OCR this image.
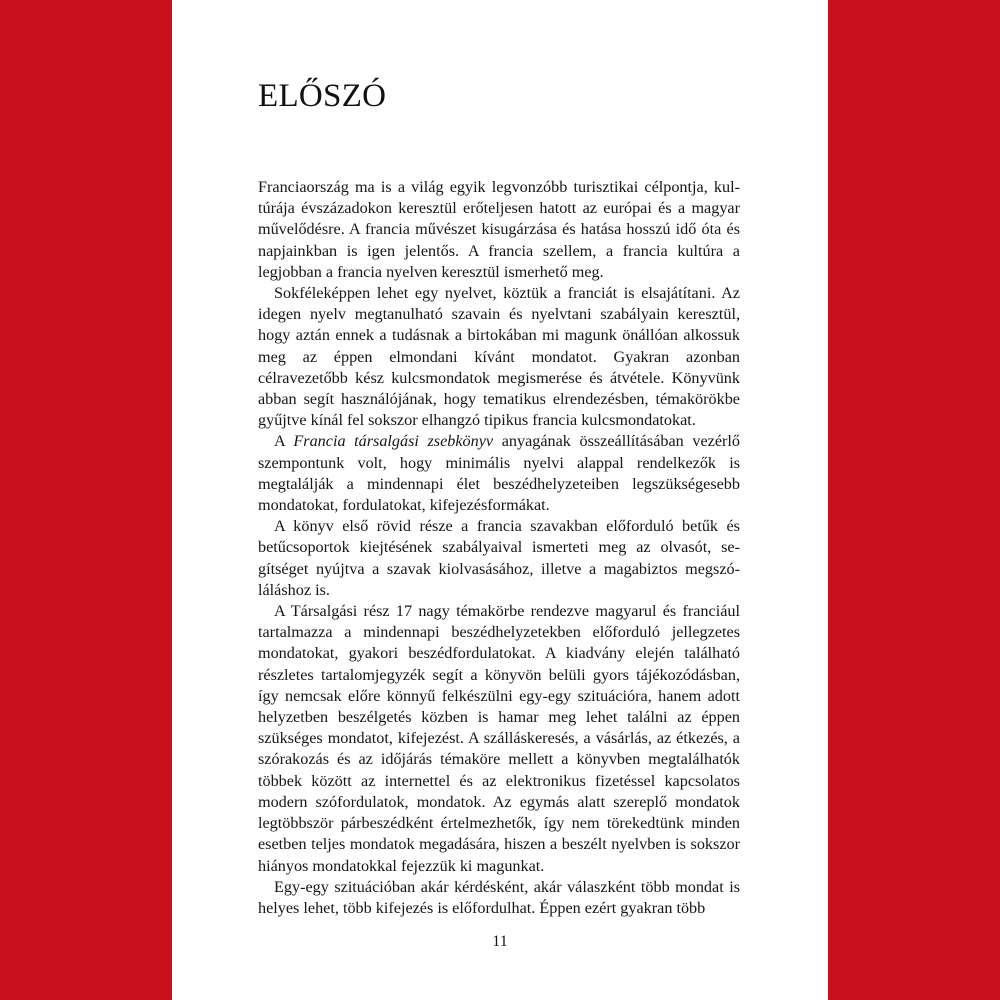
ELŐSZÓ

Franciaország ma is a világ egyik legvonzóbb turisztikai célpontja, kultúrája évszázadokon keresztül erőteljesen hatott az európai és a magyar művelődésre. A francia művészet kisugárzása és hatása hosszú idő óta és napjainkban is igen jelentős. A francia szellem, a francia kultúra a legjobban a francia nyelven keresztül ismerhető meg.

Sokféleképpen lehet egy nyelvet, köztük a franciát is elsajátítani. Az idegen nyelv megtanulható szavain és nyelvtani szabályain keresztül, hogy aztán ennek a tudásnak a birtokában mi magunk önállóan alkossuk meg az éppen elmondani kívánt mondatot. Gyakran azonban célravezetőbb kész kulcsmondatok megismerése és átvétele. Könyvünk abban segít használójának, hogy tematikus elrendezésben, témakörökbe gyűjtve kínál fel sokszor elhangzó tipikus francia kulcsmondatokat.

A Francia társalgási zsebkönyv anyagának összeállításában vezérlő szempontunk volt, hogy minimális nyelvi alappal rendelkezők is megtalálják a mindennapi élet beszédhelyzeteiben legszükségesebb mondatokat, fordulatokat, kifejezésformákat.

A könyv első rövid része a francia szavakban előforduló betűk és betűcsoportok kiejtésének szabályaival ismerteti meg az olvasót, segítséget nyújtva a szavak kiolvasásához, illetve a magabiztos megszóláláshoz is.

A Társalgási rész 17 nagy témakörbe rendezve magyarul és franciául tartalmazza a mindennapi beszédhelyzetekben előforduló jellegzetes mondatokat, gyakori beszédfordulatokat. A kiadvány elején található részletes tartalomjegyzék segít a könyvön belüli gyors tájékozódásban, így nemcsak előre könnyű felkészülni egy-egy szituációra, hanem adott helyzetben beszélgetés közben is hamar meg lehet találni az éppen szükséges mondatot, kifejezést. A szálláskeresés, a vásárlás, az étkezés, a szórakozás és az időjárás témaköre mellett a könyvben megtalálhatók többek között az internettel és az elektronikus fizetéssel kapcsolatos modern szófordulatok, mondatok. Az egymás alatt szereplő mondatok legtöbbször párbeszédként értelmezhetők, így nem törekedtünk minden esetben teljes mondatok megadására, hiszen a beszélt nyelvben is sokszor hiányos mondatokkal fejezzük ki magunkat.

Egy-egy szituációban akár kérdésként, akár válaszként több mondat is helyes lehet, több kifejezés is előfordulhat. Éppen ezért gyakran több

11
